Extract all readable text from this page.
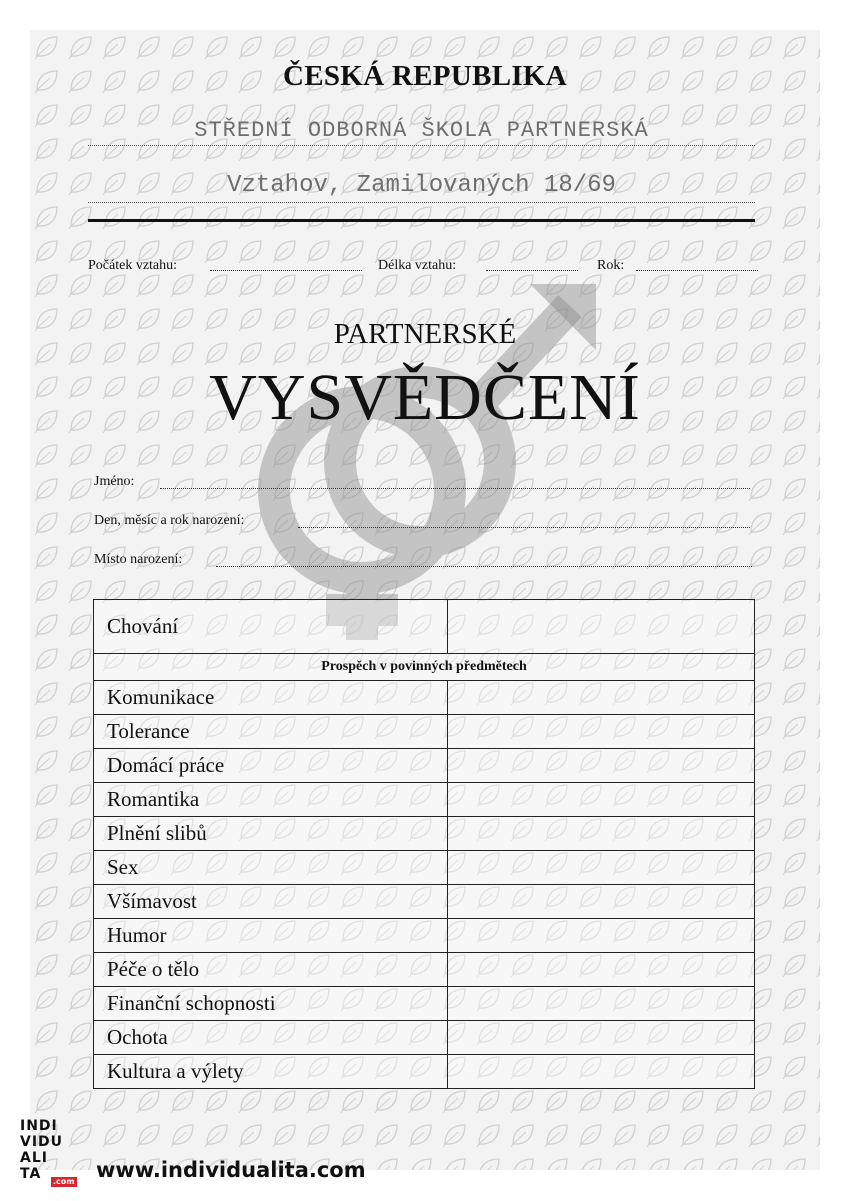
ČESKÁ REPUBLIKA
STŘEDNÍ ODBORNÁ ŠKOLA PARTNERSKÁ
Vztahov, Zamilovaných 18/69
Počátek vztahu:	Délka vztahu:	Rok:
PARTNERSKÉ
VYSVĚDČENÍ
Jméno:
Den, měsíc a rok narození:
Místo narození:
Chování	
Prospěch v povinných předmětech	
Komunikace	
Tolerance	
Domácí práce	
Romantika	
Plnění slibů	
Sex	
Všímavost	
Humor	
Péče o tělo	
Finanční schopnosti	
Ochota	
Kultura a výlety	
INDI
VIDU
ALI
TA .com www.individualita.com
